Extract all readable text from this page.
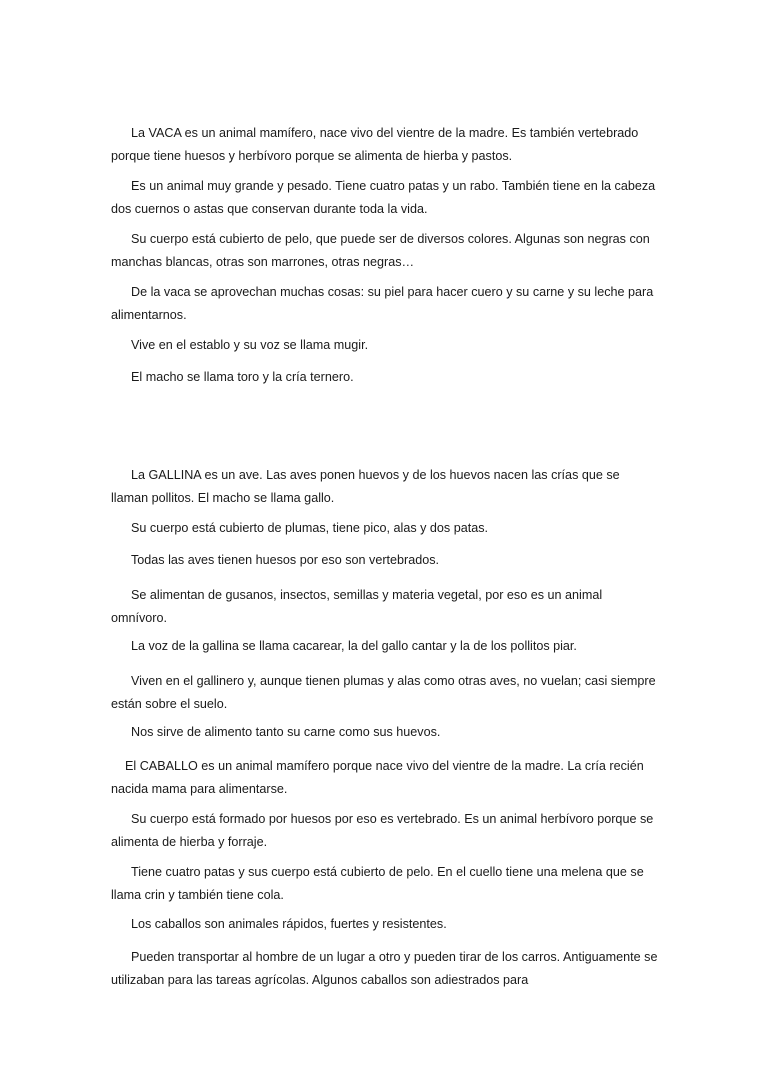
La VACA es un animal mamífero, nace vivo del vientre de la madre. Es también vertebrado porque tiene huesos y herbívoro porque se alimenta de hierba y pastos.

Es un animal muy grande y pesado. Tiene cuatro patas y un rabo. También tiene en la cabeza dos cuernos o astas que conservan durante toda la vida.

Su cuerpo está cubierto de pelo, que puede ser de diversos colores. Algunas son negras con manchas blancas, otras son marrones, otras negras…

De la vaca se aprovechan muchas cosas: su piel para hacer cuero y su carne y su leche para alimentarnos.

Vive en el establo y su voz se llama mugir.

El macho se llama toro y la cría ternero.

La GALLINA es un ave. Las aves ponen huevos y de los huevos nacen las crías que se llaman pollitos. El macho se llama gallo.

Su cuerpo está cubierto de plumas, tiene pico, alas y dos patas.

Todas las aves tienen huesos por eso son vertebrados.

Se alimentan de gusanos, insectos, semillas y materia vegetal, por eso es un animal omnívoro.

La voz de la gallina se llama cacarear, la del gallo cantar y la de los pollitos piar.

Viven en el gallinero y, aunque tienen plumas y alas como otras aves, no vuelan; casi siempre están sobre el suelo.

Nos sirve de alimento tanto su carne como sus huevos.

El CABALLO es un animal mamífero porque nace vivo del vientre de la madre. La cría recién nacida mama para alimentarse.

Su cuerpo está formado por huesos por eso es vertebrado. Es un animal herbívoro porque se alimenta de hierba y forraje.

Tiene cuatro patas y sus cuerpo está cubierto de pelo. En el cuello tiene una melena que se llama crin y también tiene cola.

Los caballos son animales rápidos, fuertes y resistentes.

Pueden transportar al hombre de un lugar a otro y pueden tirar de los carros. Antiguamente se utilizaban para las tareas agrícolas. Algunos caballos son adiestrados para
